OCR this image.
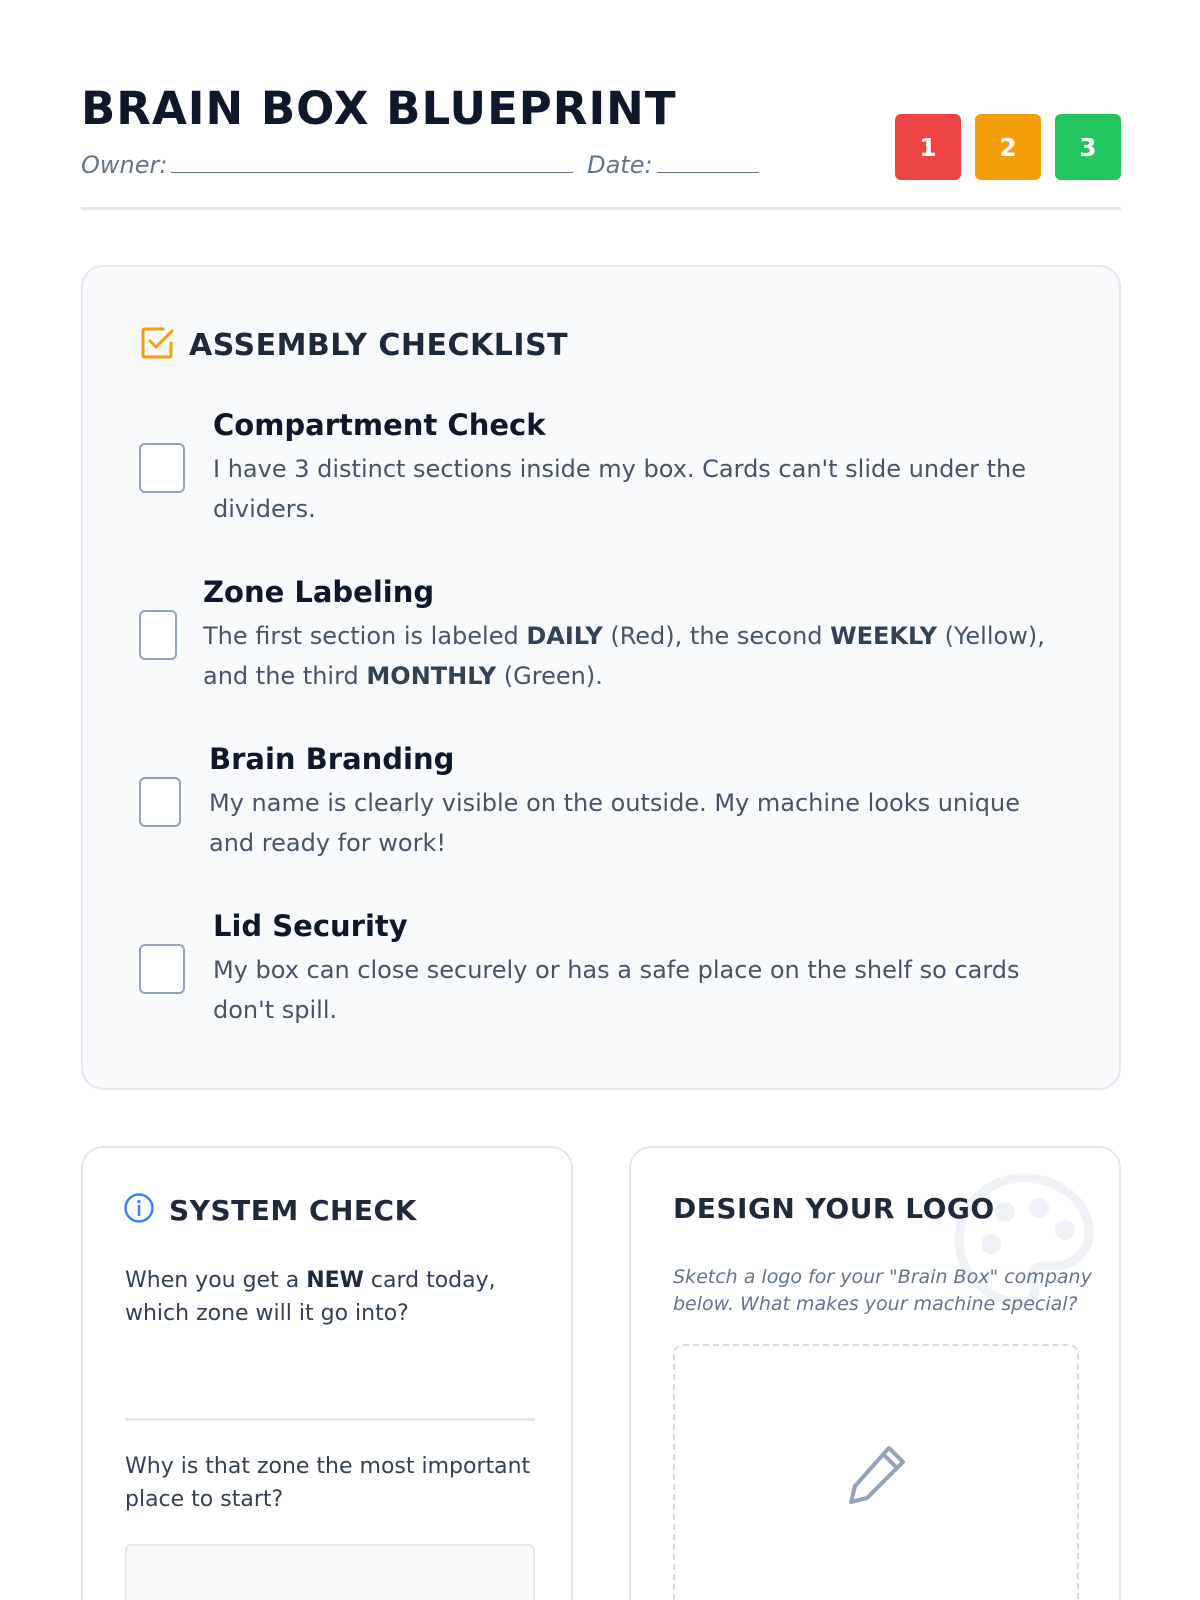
BRAIN BOX BLUEPRINT
Owner:	Date:
1	2	3
ASSEMBLY CHECKLIST
Compartment Check
I have 3 distinct sections inside my box. Cards can't slide under the dividers.
Zone Labeling
The first section is labeled DAILY (Red), the second WEEKLY (Yellow), and the third MONTHLY (Green).
Brain Branding
My name is clearly visible on the outside. My machine looks unique and ready for work!
Lid Security
My box can close securely or has a safe place on the shelf so cards don't spill.
SYSTEM CHECK
When you get a NEW card today, which zone will it go into?
Why is that zone the most important place to start?
DESIGN YOUR LOGO
Sketch a logo for your "Brain Box" company below. What makes your machine special?
